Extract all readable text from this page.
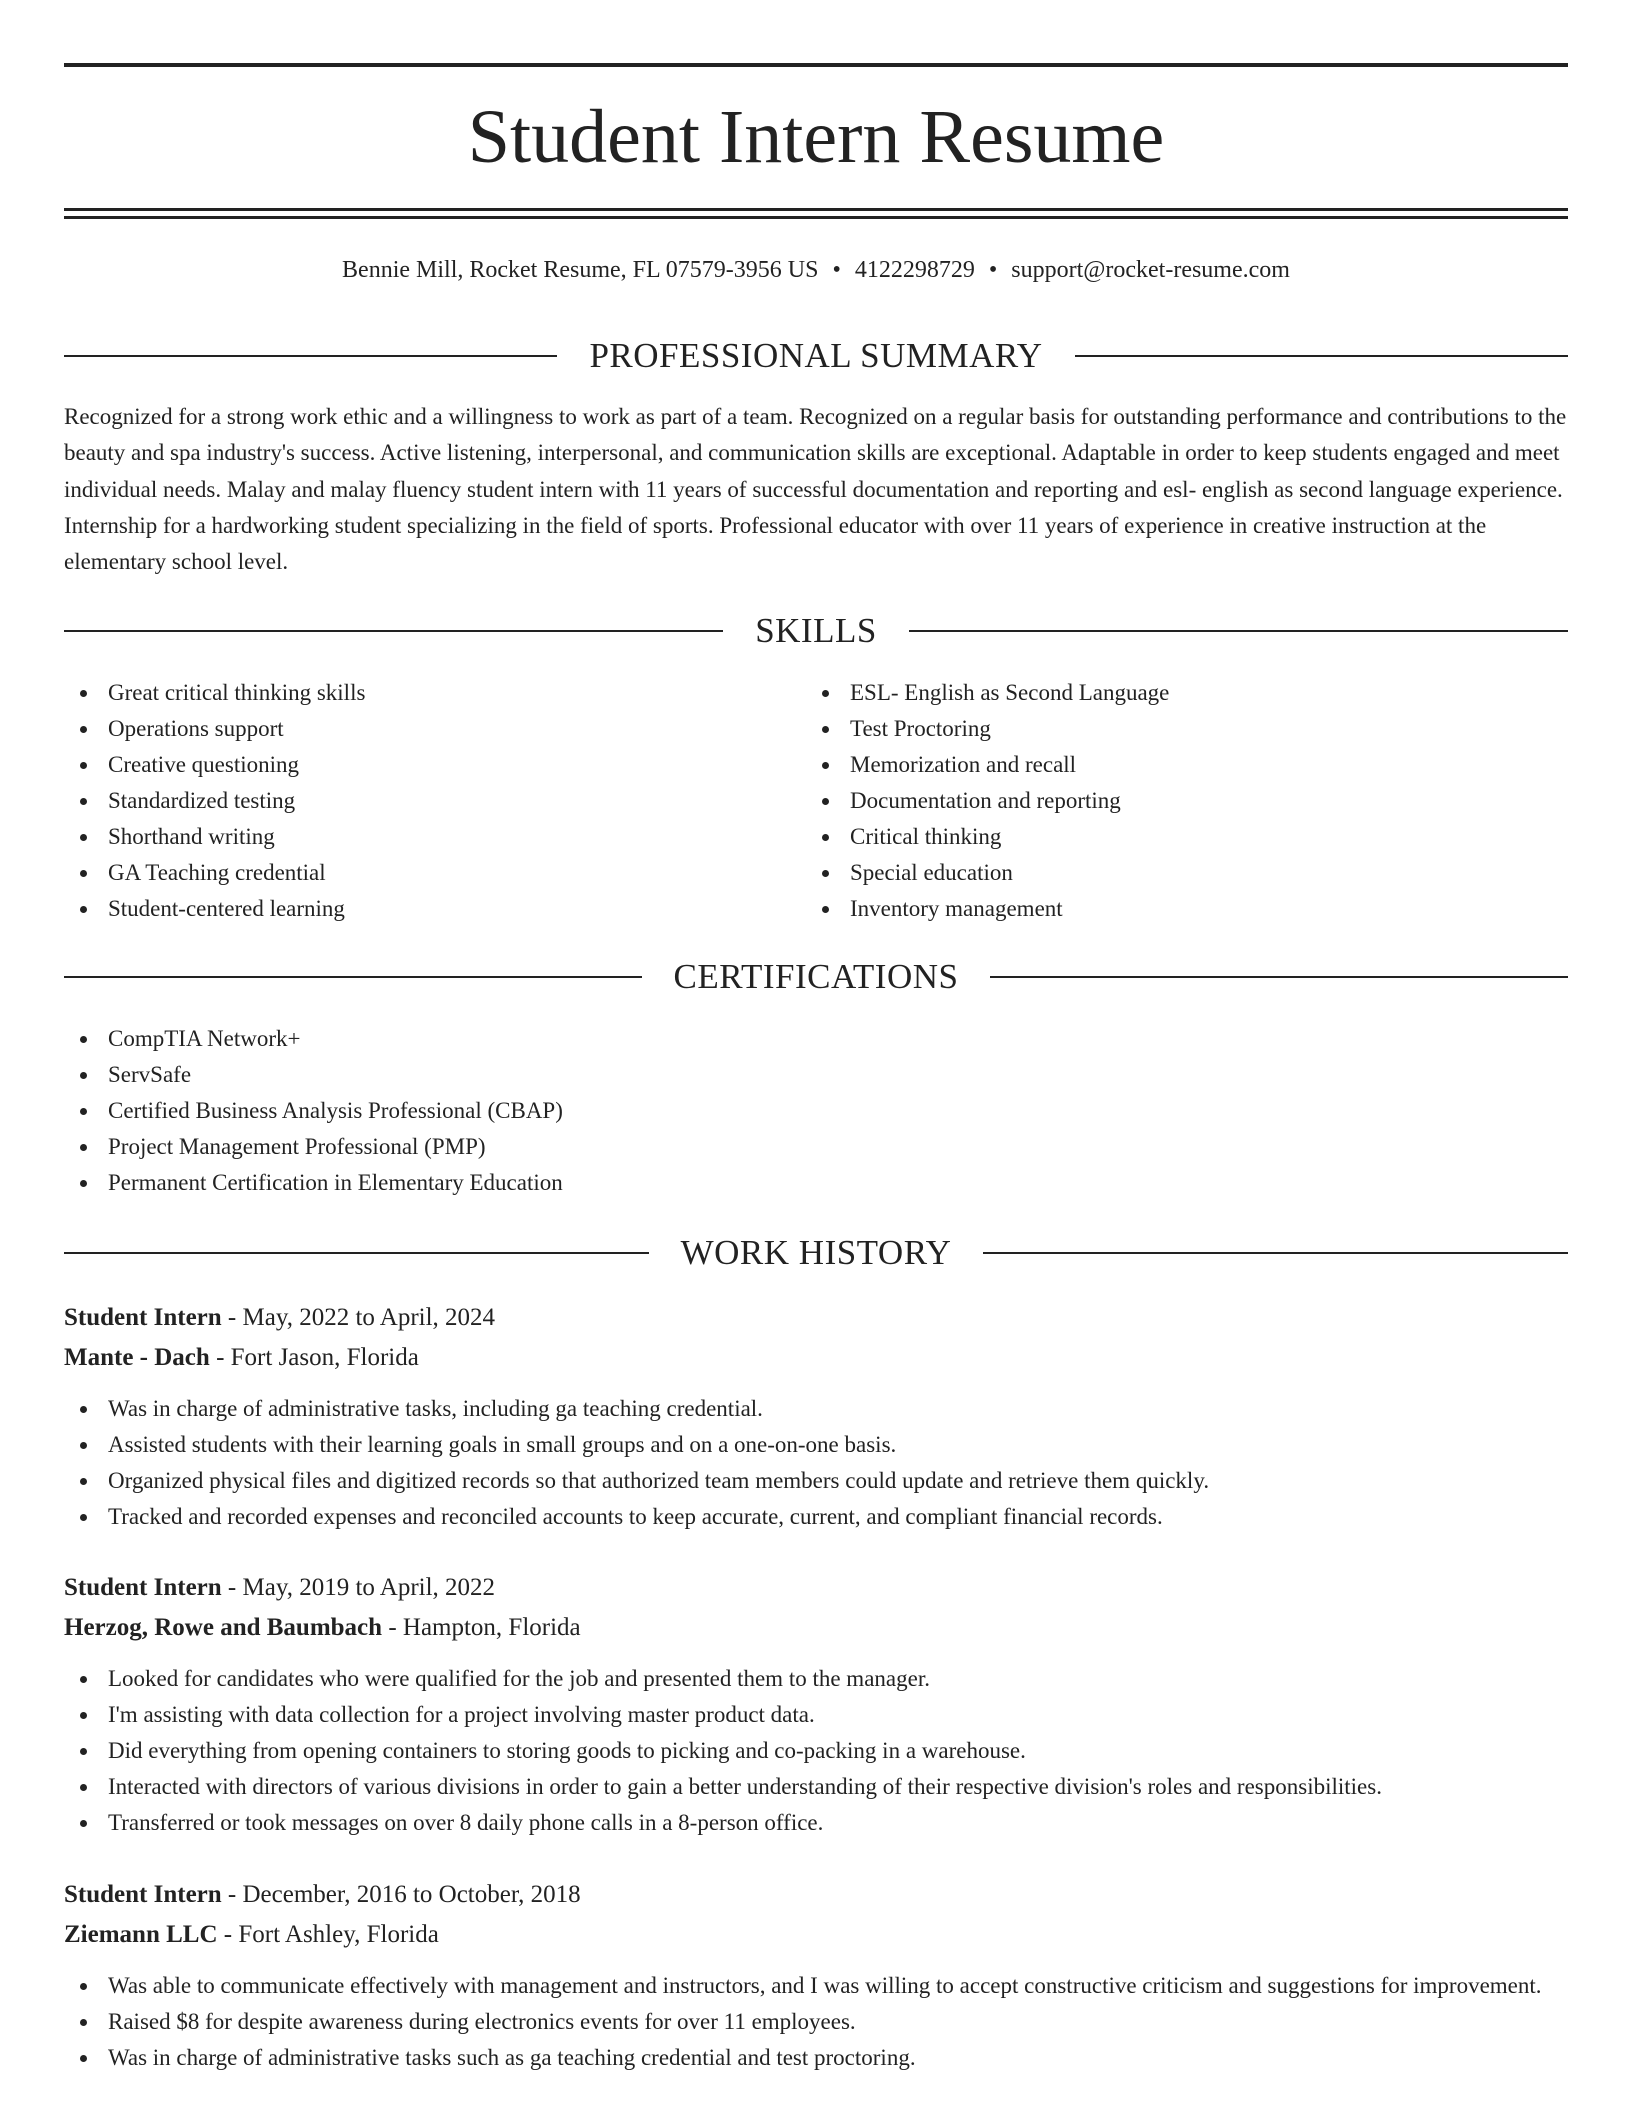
Student Intern Resume
Bennie Mill, Rocket Resume, FL 07579-3956 US • 4122298729 • support@rocket-resume.com
PROFESSIONAL SUMMARY

Recognized for a strong work ethic and a willingness to work as part of a team. Recognized on a regular basis for outstanding performance and contributions to the beauty and spa industry's success. Active listening, interpersonal, and communication skills are exceptional. Adaptable in order to keep students engaged and meet individual needs. Malay and malay fluency student intern with 11 years of successful documentation and reporting and esl- english as second language experience. Internship for a hardworking student specializing in the field of sports. Professional educator with over 11 years of experience in creative instruction at the elementary school level.

SKILLS
Great critical thinking skills
Operations support
Creative questioning
Standardized testing
Shorthand writing
GA Teaching credential
Student-centered learning
ESL- English as Second Language
Test Proctoring
Memorization and recall
Documentation and reporting
Critical thinking
Special education
Inventory management
CERTIFICATIONS
CompTIA Network+
ServSafe
Certified Business Analysis Professional (CBAP)
Project Management Professional (PMP)
Permanent Certification in Elementary Education
WORK HISTORY
Student Intern - May, 2022 to April, 2024
Mante - Dach - Fort Jason, Florida
Was in charge of administrative tasks, including ga teaching credential.
Assisted students with their learning goals in small groups and on a one-on-one basis.
Organized physical files and digitized records so that authorized team members could update and retrieve them quickly.
Tracked and recorded expenses and reconciled accounts to keep accurate, current, and compliant financial records.
Student Intern - May, 2019 to April, 2022
Herzog, Rowe and Baumbach - Hampton, Florida
Looked for candidates who were qualified for the job and presented them to the manager.
I'm assisting with data collection for a project involving master product data.
Did everything from opening containers to storing goods to picking and co-packing in a warehouse.
Interacted with directors of various divisions in order to gain a better understanding of their respective division's roles and responsibilities.
Transferred or took messages on over 8 daily phone calls in a 8-person office.
Student Intern - December, 2016 to October, 2018
Ziemann LLC - Fort Ashley, Florida
Was able to communicate effectively with management and instructors, and I was willing to accept constructive criticism and suggestions for improvement.
Raised $8 for despite awareness during electronics events for over 11 employees.
Was in charge of administrative tasks such as ga teaching credential and test proctoring.
